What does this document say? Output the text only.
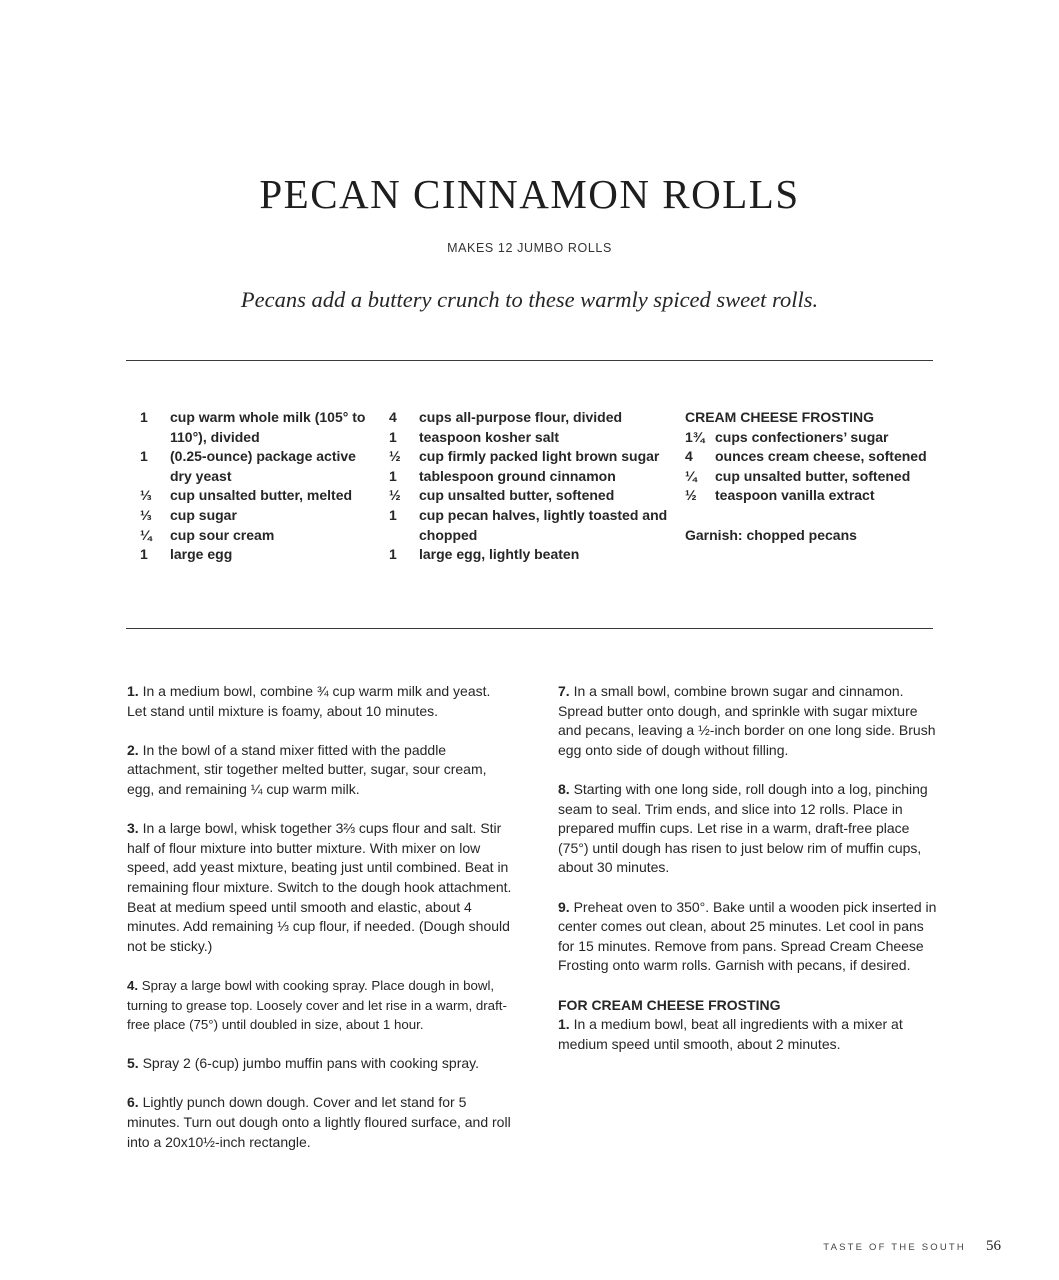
PECAN CINNAMON ROLLS
MAKES 12 JUMBO ROLLS
Pecans add a buttery crunch to these warmly spiced sweet rolls.
1	cup warm whole milk (105° to 110°), divided
1	(0.25-ounce) package active dry yeast
⅓	cup unsalted butter, melted
⅓	cup sugar
¼	cup sour cream
1	large egg
4	cups all-purpose flour, divided
1	teaspoon kosher salt
½	cup firmly packed light brown sugar
1	tablespoon ground cinnamon
½	cup unsalted butter, softened
1	cup pecan halves, lightly toasted and chopped
1	large egg, lightly beaten
CREAM CHEESE FROSTING
1¾ cups confectioners’ sugar
4	ounces cream cheese, softened
¼	cup unsalted butter, softened
½	teaspoon vanilla extract
Garnish: chopped pecans

1. In a medium bowl, combine ¾ cup warm milk and yeast. Let stand until mixture is foamy, about 10 minutes.

2. In the bowl of a stand mixer fitted with the paddle attachment, stir together melted butter, sugar, sour cream, egg, and remaining ¼ cup warm milk.

3. In a large bowl, whisk together 3⅔ cups flour and salt. Stir half of flour mixture into butter mixture. With mixer on low speed, add yeast mixture, beating just until combined. Beat in remaining flour mixture. Switch to the dough hook attachment. Beat at medium speed until smooth and elastic, about 4 minutes. Add remaining ⅓ cup flour, if needed. (Dough should not be sticky.)

4. Spray a large bowl with cooking spray. Place dough in bowl, turning to grease top. Loosely cover and let rise in a warm, draft-free place (75°) until doubled in size, about 1 hour.

5. Spray 2 (6-cup) jumbo muffin pans with cooking spray.

6. Lightly punch down dough. Cover and let stand for 5 minutes. Turn out dough onto a lightly floured surface, and roll into a 20x10½-inch rectangle.

7. In a small bowl, combine brown sugar and cinnamon. Spread butter onto dough, and sprinkle with sugar mixture and pecans, leaving a ½-inch border on one long side. Brush egg onto side of dough without filling.

8. Starting with one long side, roll dough into a log, pinching seam to seal. Trim ends, and slice into 12 rolls. Place in prepared muffin cups. Let rise in a warm, draft-free place (75°) until dough has risen to just below rim of muffin cups, about 30 minutes.

9. Preheat oven to 350°. Bake until a wooden pick inserted in center comes out clean, about 25 minutes. Let cool in pans for 15 minutes. Remove from pans. Spread Cream Cheese Frosting onto warm rolls. Garnish with pecans, if desired.

FOR CREAM CHEESE FROSTING

1. In a medium bowl, beat all ingredients with a mixer at medium speed until smooth, about 2 minutes.

TASTE OF THE SOUTH 56
